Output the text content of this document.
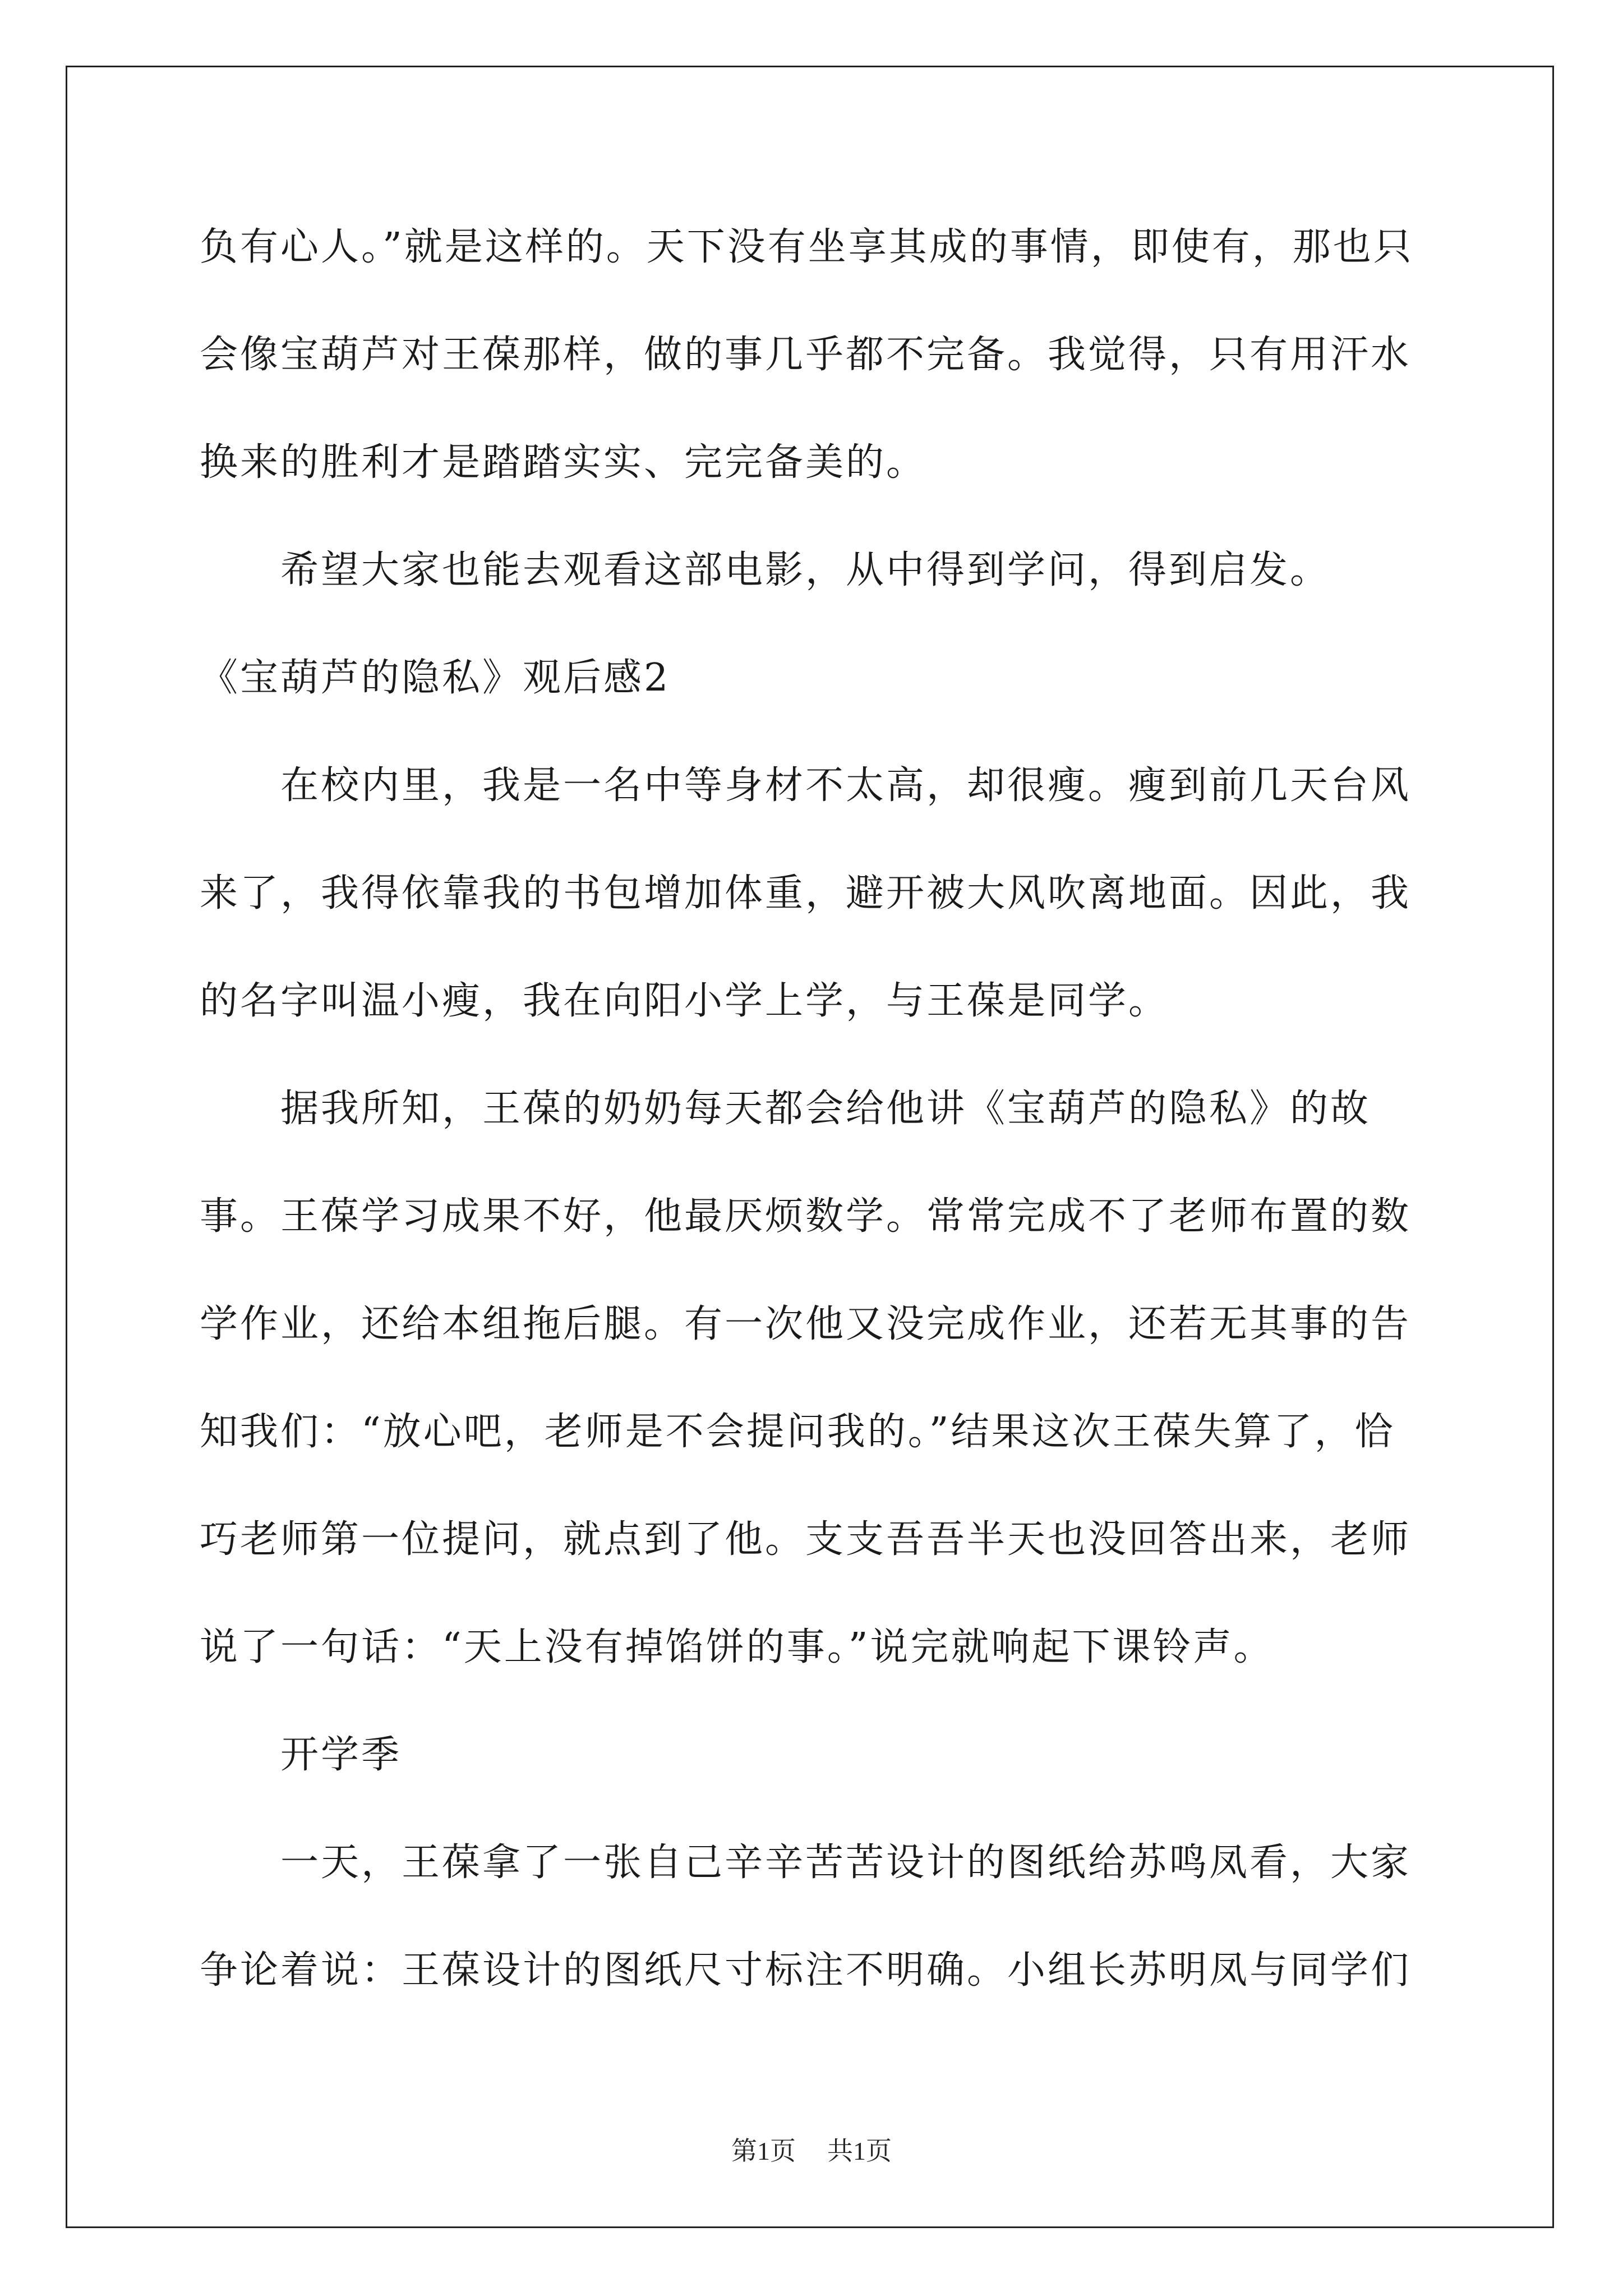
负有心人。”就是这样的。天下没有坐享其成的事情，即使有，那也只会像宝葫芦对王葆那样，做的事几乎都不完备。我觉得，只有用汗水换来的胜利才是踏踏实实、完完备美的。

希望大家也能去观看这部电影，从中得到学问，得到启发。

《宝葫芦的隐私》观后感2

在校内里，我是一名中等身材不太高，却很瘦。瘦到前几天台风来了，我得依靠我的书包增加体重，避开被大风吹离地面。因此，我的名字叫温小瘦，我在向阳小学上学，与王葆是同学。

据我所知，王葆的奶奶每天都会给他讲《宝葫芦的隐私》的故事。王葆学习成果不好，他最厌烦数学。常常完成不了老师布置的数学作业，还给本组拖后腿。有一次他又没完成作业，还若无其事的告知我们：“放心吧，老师是不会提问我的。”结果这次王葆失算了，恰巧老师第一位提问，就点到了他。支支吾吾半天也没回答出来，老师说了一句话：“天上没有掉馅饼的事。”说完就响起下课铃声。

开学季

一天，王葆拿了一张自己辛辛苦苦设计的图纸给苏鸣凤看，大家争论着说：王葆设计的图纸尺寸标注不明确。小组长苏明凤与同学们

第1页 共1页
